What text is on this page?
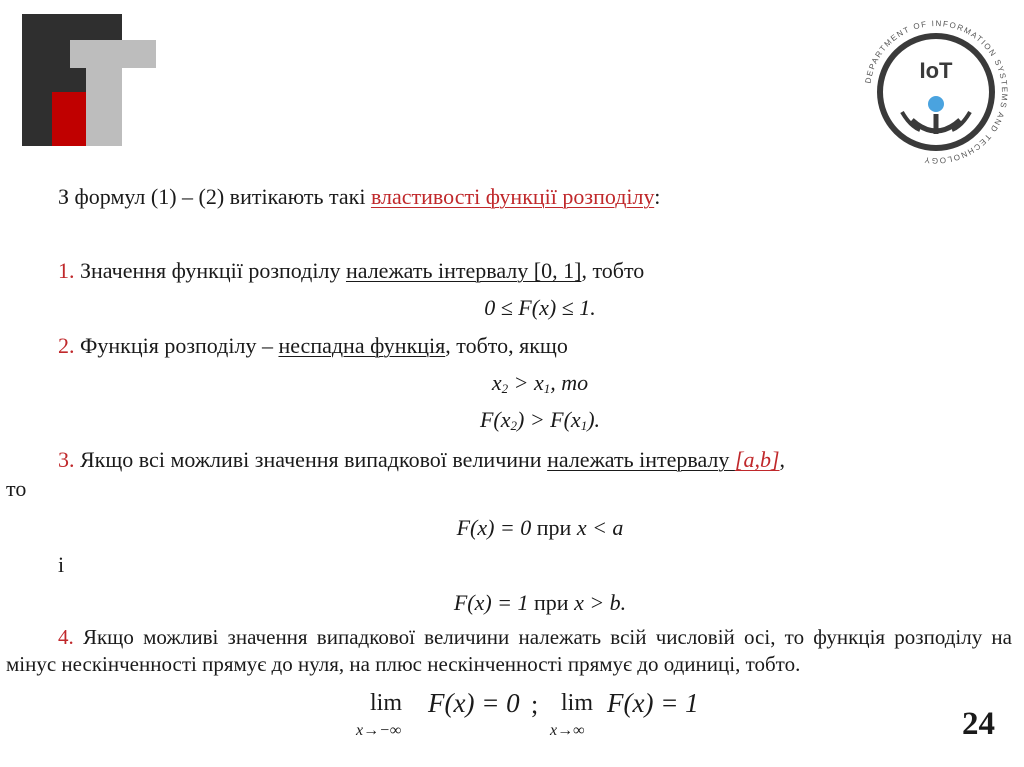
DEPARTMENT OF INFORMATION SYSTEMS AND TECHNOLOGY
IoT
З формул (1) – (2) витікають такі властивості функції розподілу:
1. Значення функції розподілу належать інтервалу [0, 1], тобто
0 ≤ F(x) ≤ 1.
2. Функція розподілу – неспадна функція, тобто, якщо
$x_2 > x_1$, то
$F(x_2) > F(x_1)$.
3. Якщо всі можливі значення випадкової величини належать інтервалу [a,b],
то
F(x) = 0 при x < a
і
F(x) = 1 при x > b.
4. Якщо можливі значення випадкової величини належать всій числовій осі, то функція розподілу на мінус нескінченності прямує до нуля, на плюс нескінченності прямує до одиниці, тобто.
lim
x→−∞
F(x) = 0 ; lim
x→∞
F(x) = 1
24
